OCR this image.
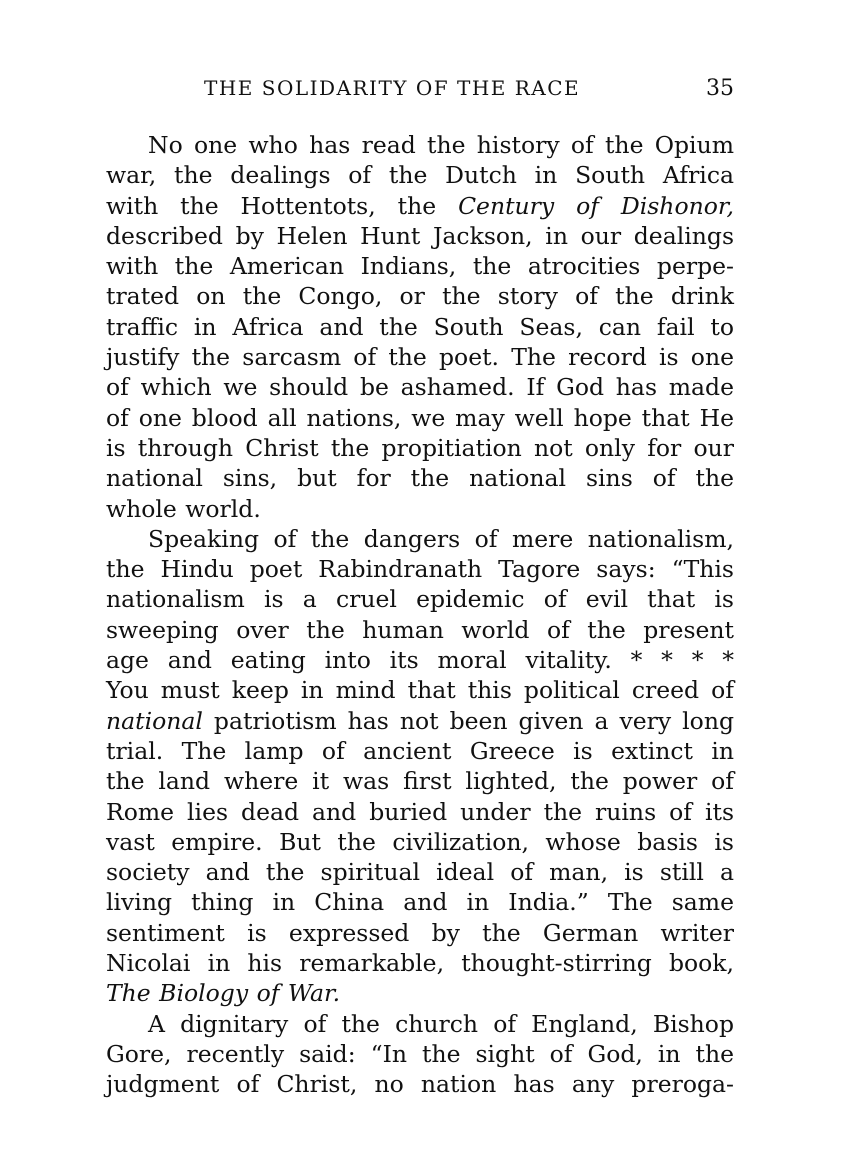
THE SOLIDARITY OF THE RACE	35
No one who has read the history of the Opium
war, the dealings of the Dutch in South Africa
with the Hottentots, the Century of Dishonor,
described by Helen Hunt Jackson, in our dealings
with the American Indians, the atrocities perpe-
trated on the Congo, or the story of the drink
traffic in Africa and the South Seas, can fail to
justify the sarcasm of the poet. The record is one
of which we should be ashamed. If God has made
of one blood all nations, we may well hope that He
is through Christ the propitiation not only for our
national sins, but for the national sins of the
whole world.
Speaking of the dangers of mere nationalism,
the Hindu poet Rabindranath Tagore says: “This
nationalism is a cruel epidemic of evil that is
sweeping over the human world of the present
age and eating into its moral vitality. * * * *
You must keep in mind that this political creed of
national patriotism has not been given a very long
trial. The lamp of ancient Greece is extinct in
the land where it was first lighted, the power of
Rome lies dead and buried under the ruins of its
vast empire. But the civilization, whose basis is
society and the spiritual ideal of man, is still a
living thing in China and in India.” The same
sentiment is expressed by the German writer
Nicolai in his remarkable, thought-stirring book,
The Biology of War.
A dignitary of the church of England, Bishop
Gore, recently said: “In the sight of God, in the
judgment of Christ, no nation has any preroga-
